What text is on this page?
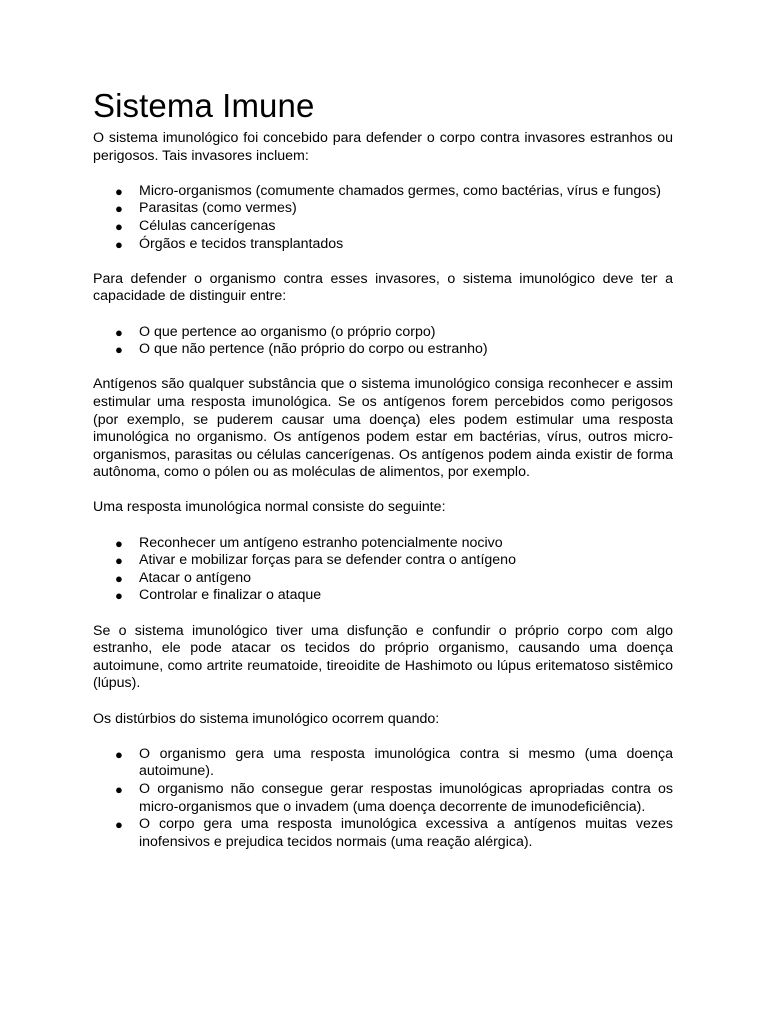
Sistema Imune

O sistema imunológico foi concebido para defender o corpo contra invasores estranhos ou perigosos. Tais invasores incluem:

● Micro-organismos (comumente chamados germes, como bactérias, vírus e fungos)
● Parasitas (como vermes)
● Células cancerígenas
● Órgãos e tecidos transplantados

Para defender o organismo contra esses invasores, o sistema imunológico deve ter a capacidade de distinguir entre:

● O que pertence ao organismo (o próprio corpo)
● O que não pertence (não próprio do corpo ou estranho)

Antígenos são qualquer substância que o sistema imunológico consiga reconhecer e assim estimular uma resposta imunológica. Se os antígenos forem percebidos como perigosos (por exemplo, se puderem causar uma doença) eles podem estimular uma resposta imunológica no organismo. Os antígenos podem estar em bactérias, vírus, outros micro-organismos, parasitas ou células cancerígenas. Os antígenos podem ainda existir de forma autônoma, como o pólen ou as moléculas de alimentos, por exemplo.

Uma resposta imunológica normal consiste do seguinte:

● Reconhecer um antígeno estranho potencialmente nocivo
● Ativar e mobilizar forças para se defender contra o antígeno
● Atacar o antígeno
● Controlar e finalizar o ataque

Se o sistema imunológico tiver uma disfunção e confundir o próprio corpo com algo estranho, ele pode atacar os tecidos do próprio organismo, causando uma doença autoimune, como artrite reumatoide, tireoidite de Hashimoto ou lúpus eritematoso sistêmico (lúpus).

Os distúrbios do sistema imunológico ocorrem quando:

● O organismo gera uma resposta imunológica contra si mesmo (uma doença autoimune).
● O organismo não consegue gerar respostas imunológicas apropriadas contra os micro-organismos que o invadem (uma doença decorrente de imunodeficiência).
● O corpo gera uma resposta imunológica excessiva a antígenos muitas vezes inofensivos e prejudica tecidos normais (uma reação alérgica).
